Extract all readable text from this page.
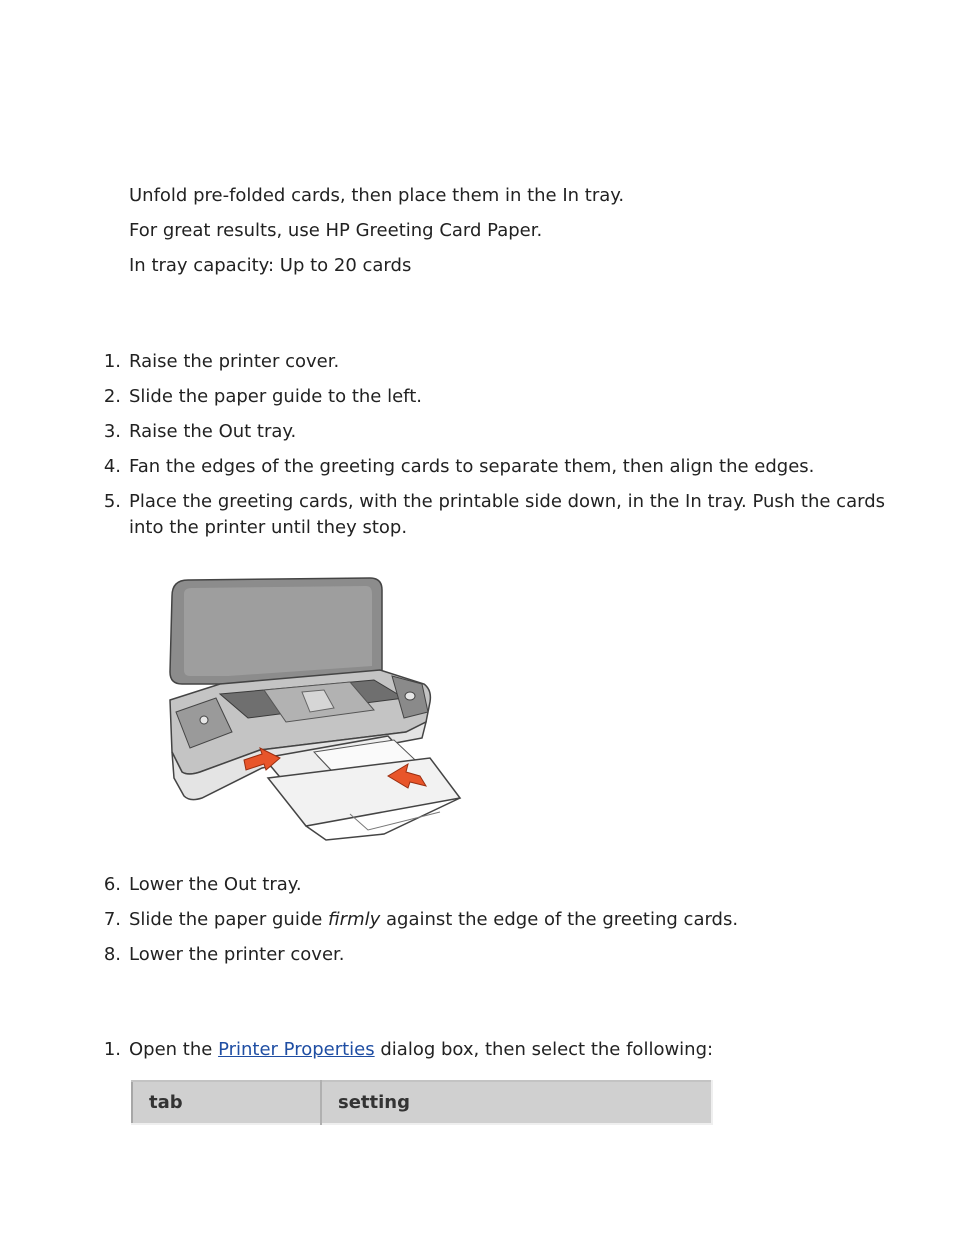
Unfold pre-folded cards, then place them in the In tray.

For great results, use HP Greeting Card Paper.

In tray capacity: Up to 20 cards

1. Raise the printer cover.
2. Slide the paper guide to the left.
3. Raise the Out tray.
4. Fan the edges of the greeting cards to separate them, then align the edges.
5. Place the greeting cards, with the printable side down, in the In tray. Push the cards into the printer until they stop.
6. Lower the Out tray.
7. Slide the paper guide firmly against the edge of the greeting cards.
8. Lower the printer cover.
1. Open the Printer Properties dialog box, then select the following:
tab	setting
